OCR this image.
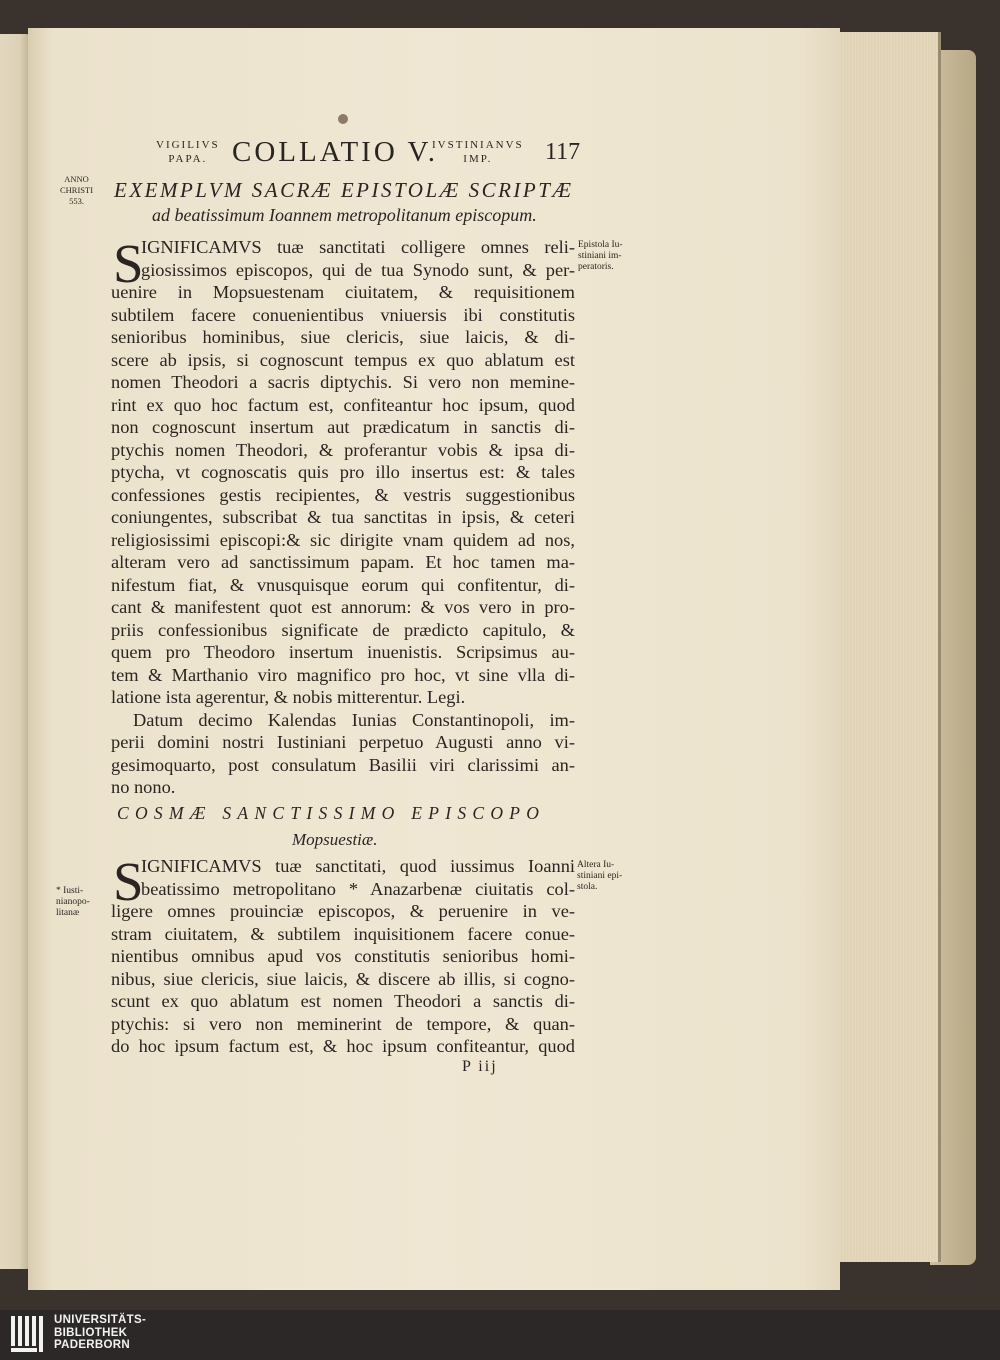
VIGILIVS
PAPA. COLLATIO V.
IVSTINIANVS
IMP.	117
ANNO
CHRISTI
553.	EXEMPLVM SACRÆ EPISTOLÆ SCRIPTÆ
ad beatissimum Ioannem metropolitanum episcopum.
S
IGNIFICAMVS tuæ sanctitati colligere omnes reli-
giosissimos episcopos, qui de tua Synodo sunt, & per-
uenire in Mopsuestenam ciuitatem, & requisitionem
subtilem facere conuenientibus vniuersis ibi constitutis
senioribus hominibus, siue clericis, siue laicis, & di-
scere ab ipsis, si cognoscunt tempus ex quo ablatum est
nomen Theodori a sacris diptychis. Si vero non memine-
rint ex quo hoc factum est, confiteantur hoc ipsum, quod
non cognoscunt insertum aut prædicatum in sanctis di-
ptychis nomen Theodori, & proferantur vobis & ipsa di-
ptycha, vt cognoscatis quis pro illo insertus est: & tales
confessiones gestis recipientes, & vestris suggestionibus
coniungentes, subscribat & tua sanctitas in ipsis, & ceteri
religiosissimi episcopi:& sic dirigite vnam quidem ad nos,
alteram vero ad sanctissimum papam. Et hoc tamen ma-
nifestum fiat, & vnusquisque eorum qui confitentur, di-
cant & manifestent quot est annorum: & vos vero in pro-
priis confessionibus significate de prædicto capitulo, &
quem pro Theodoro insertum inuenistis. Scripsimus au-
tem & Marthanio viro magnifico pro hoc, vt sine vlla di-
latione ista agerentur, & nobis mitterentur. Legi.
Datum decimo Kalendas Iunias Constantinopoli, im-
perii domini nostri Iustiniani perpetuo Augusti anno vi-
gesimoquarto, post consulatum Basilii viri clarissimi an-
no nono.
Epistola Iu-
stiniani im-
peratoris.
COSMÆ SANCTISSIMO EPISCOPO
Mopsuestiæ.
S
IGNIFICAMVS tuæ sanctitati, quod iussimus Ioanni
beatissimo metropolitano * Anazarbenæ ciuitatis col-
ligere omnes prouinciæ episcopos, & peruenire in ve-
stram ciuitatem, & subtilem inquisitionem facere conue-
nientibus omnibus apud vos constitutis senioribus homi-
nibus, siue clericis, siue laicis, & discere ab illis, si cogno-
scunt ex quo ablatum est nomen Theodori a sanctis di-
ptychis: si vero non meminerint de tempore, & quan-
do hoc ipsum factum est, & hoc ipsum confiteantur, quod
Altera Iu-
stiniani epi-
stola.
* Iusti-
nianopo-
litanæ
P iij
UNIVERSITÄTS-
BIBLIOTHEK
PADERBORN
